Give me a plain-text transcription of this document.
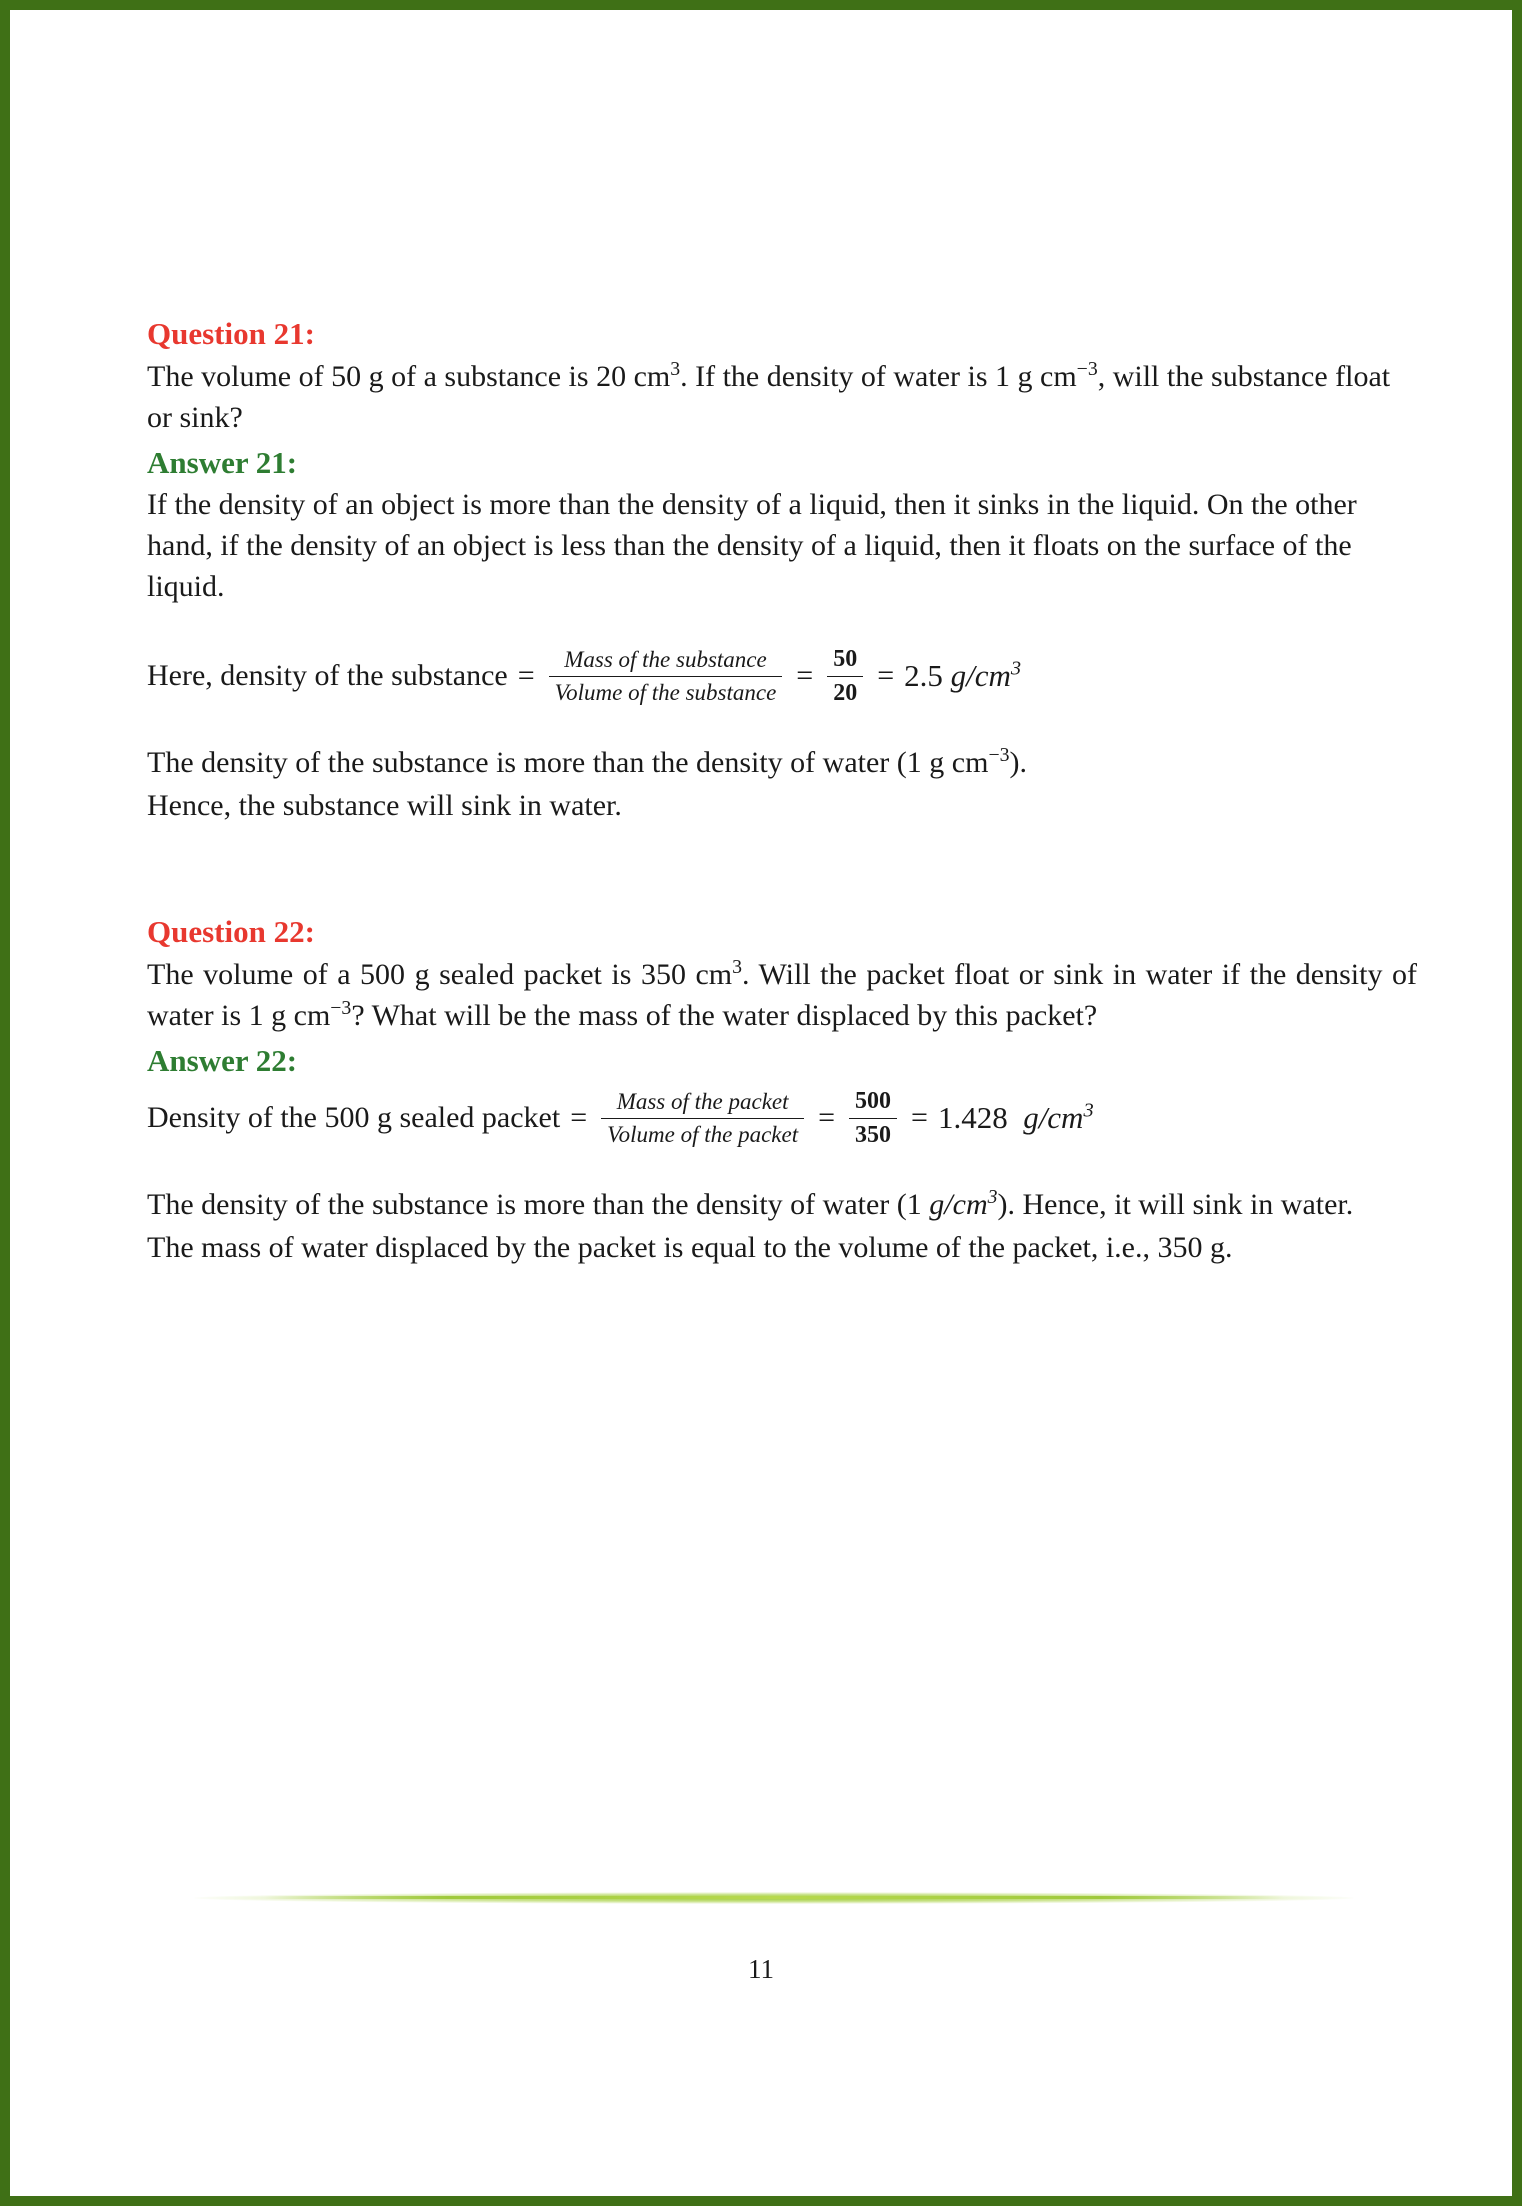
Question 21:
The volume of 50 g of a substance is 20 $cm^3$. If the density of water is 1 g $cm^{-3}$, will the substance float or sink?
Answer 21:
If the density of an object is more than the density of a liquid, then it sinks in the liquid. On the other hand, if the density of an object is less than the density of a liquid, then it floats on the surface of the liquid.
Here, density of the substance = $\frac{\text{Mass of the substance}}{\text{Volume of the substance}} = \frac{50}{20} = 2.5$ $g/cm^3$
The density of the substance is more than the density of water (1 g $cm^{-3}$).
Hence, the substance will sink in water.
Question 22:
The volume of a 500 g sealed packet is 350 $cm^3$. Will the packet float or sink in water if the density of water is 1 g $cm^{-3}$? What will be the mass of the water displaced by this packet?
Answer 22:
Density of the 500 g sealed packet = $\frac{\text{Mass of the packet}}{\text{Volume of the packet}} = \frac{500}{350} = 1.428$ $g/cm^3$
The density of the substance is more than the density of water (1 $g/cm^3$). Hence, it will sink in water.
The mass of water displaced by the packet is equal to the volume of the packet, i.e., 350 g.
11
